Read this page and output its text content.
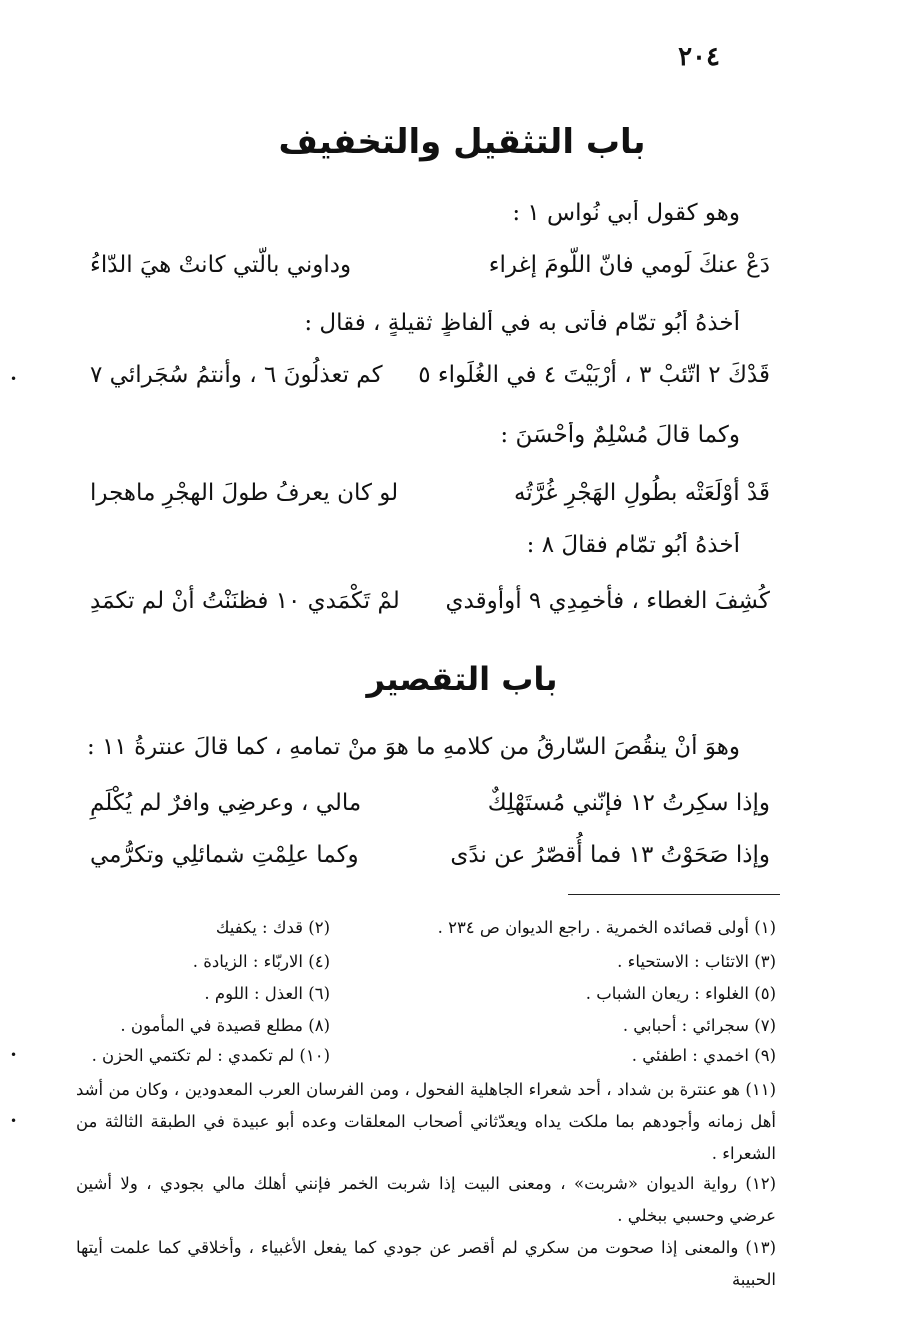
٢٠٤
باب التثقيل والتخفيف
وهو كقول أبي نُواسٍ ١ :
دَعْ عنكَ لَومي فانّ اللّومَ إغراء
وداوني بالّتي كانتْ هيَ الدّاءُ
أخذهُ أبُو تمّام فأتى به في ألفاظٍ ثقيلةٍ ، فقال :
قَدْكَ ٢ اتّئبْ ٣ ، أرْبَيْتَ ٤ في الغُلَواء ٥
كم تعذلُونَ ٦ ، وأنتمُ سُجَرائي ٧
وكما قالَ مُسْلِمٌ وأحْسَنَ :
قَدْ أوْلَعَتْه بطُولِ الهَجْرِ غُرَّتُه
لو كان يعرفُ طولَ الهجْرِ ماهجرا
أخذهُ أبُو تمّامٍ فقالَ ٨ :
كُشِفَ الغطاء ، فأخمِدِي ٩ أوأوقدي
لمْ تَكْمَدي ١٠ فظنَنْتُ أنْ لم تكمَدِ
باب التقصير
وهوَ أنْ ينقُصَ السّارِقُ من كلامهِ ما هوَ منْ تمامهِ ، كما قالَ عنترةُ ١١ :
وإذا سكِرتُ ١٢ فإنّني مُستَهْلِكٌ
مالي ، وعرضِي وافرٌ لم يُكْلَمِ
وإذا صَحَوْتُ ١٣ فما أُقصّرُ عن ندًى
وكما علِمْتِ شمائلِي وتكرُّمي
(١) أولى قصائده الخمرية . راجع الديوان ص ٢٣٤ .
(٢) قدك : يكفيك
(٣) الاتئاب : الاستحياء .
(٤) الاربّاء : الزيادة .
(٥) الغلواء : ريعان الشباب .
(٦) العذل : اللوم .
(٧) سجرائي : أحبابي .
(٨) مطلع قصيدة في المأمون .
(٩) اخمدي : اطفئي .
(١٠) لم تكمدي : لم تكتمي الحزن .
(١١) هو عنترة بن شداد ، أحد شعراء الجاهلية الفحول ، ومن الفرسان العرب المعدودين ، وكان من أشد أهل زمانه وأجودهم بما ملكت يداه ويعدّثاني أصحاب المعلقات وعده أبو عبيدة في الطبقة الثالثة من الشعراء .
(١٢) رواية الديوان «شربت» ، ومعنى البيت إذا شربت الخمر فإنني أهلك مالي بجودي ، ولا أشين عرضي وحسبي ببخلي .
(١٣) والمعنى إذا صحوت من سكري لم أقصر عن جودي كما يفعل الأغبياء ، وأخلاقي كما علمت أيتها الحبيبة
•
•
•
